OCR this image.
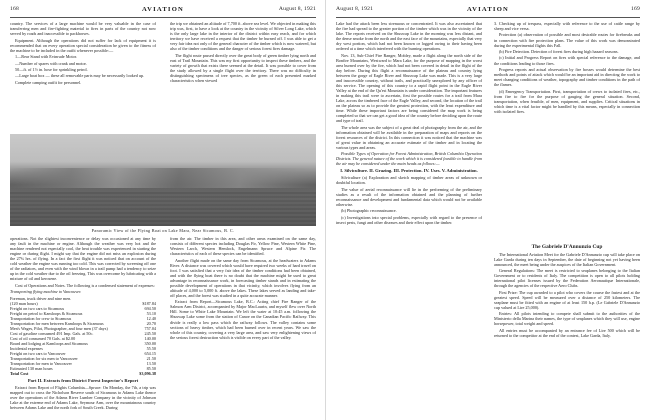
168	AVIATION	August 8, 1921

country. The services of a large machine would be very valuable in the case of transferring men and fire-fighting material to fires in parts of the country not now served by roads and inaccessible to packhorses.

Equipment. Although the operations did not suffer for lack of equipment it is recommended that on every operation special consideration be given to the fitness of the machine to be included in the outfit whenever possible:—

1—Rear Stand with Evinrude Motor.

—Number of spares with crank and motor.

50—ft. of 1½ in. hose for sprinkling petrol.

—Large boat box — these all removable parts may be necessarily looked up.

Complete camping outfit for personnel.

the trip we obtained an altitude of 7,700 ft. above sea level. We objected in making this trip was, first, to have a look at the country in the vicinity of Silver Long Lake, which is the only large lake in the interior of the district within easy reach, and for which territory we have received a request that the timber be burned off. I was able to get a very fair idea not only of the general character of the timber which is now watered, but also of the timber conditions and the danger of serious forest fires damage.

The flight route passed directly over the great body of green timber lying north and east of Trail Mountain. This was my first opportunity to inspect these timbers, and the variety of growth that exists there seemed at the detail. It was possible to cover from the study allowed by a single flight over the territory. There was no difficulty in distinguishing specimens of tree species, as the green of each presented marked characteristics when viewed

Panoramic View of the Flying Boat on Lake Mara, Near Sicamous, B. C.

operations. Not the slightest inconvenience or delay was occasioned at any time by any fault in the machine or engine. Although the weather was very hot and the machine rendered not especially cool, the heat trouble was experienced in starting the engine or during flight. I might say that the engine did not miss an explosion during the 27¾ hrs. of flying. In a fact the first flight it was noticed that on account of the cold weather the engine was running too cold. This was corrected by screening off one of the radiators, and even with the wind blown in a trail pump had a tendency to seize up in the cold weather due to the oil freezing. This was overcome by lubricating with a mixture of oil and kerosene.

Cost of Operations and Notes. The following is a condensed statement of expenses:

Transporting flying machine to Vancouver.

Foreman, truck driver and nine men.
(120 man hours)	$187.84
Freight on two cars to Sicamous	694.50
Freight on petrol to Kamloops & Sicamous	53.10
Transportation for crew to Sicamous	12.40
Transportation for men between Kamloops & Sicamous	20.70
Men's Wages, Pilot, Photographer, and four men (37 days)	757.04
Cost of gasoline consumed 491 Imp. Gals. at 50c.	245.50
Cost of oil consumed 70 Gals. at $2.00	140.00
Board and lodging at Kamloops and Sicamous	350.00
Incidental expenses	55.50
Freight on two cars to Vancouver	654.15
Transportation for six men to Vancouver	21.50
Transportation for men to Vancouver	13.50
Estimated 130 man hours	85.50
Total Cost	$3,096.38

Part II. Extracts from District Forest Inspector's Report

Extract from Report of Flights Columbia—Spruce: On Monday, the 7th, a trip was mapped out to cross the Nicholson Reserve south of Sicamous to Adams Lake thence over the operations of the Adams River Lumber Company in the vicinity of Johnson Lake at the extreme end of Adams Lake, Seymour Arm, over the mountainous country between Adams Lake and the north fork of South Creek. During

from the air. The timber in this area, and other areas examined on the same day, consists of different species including Douglas Fir, Yellow Pine, Western White Pine, Western Larch, Western Hemlock, Engelmann Spruce and Alpine Fir. The characteristics of each of these species can be identified.

Another flight made on the same day from Sicamous, at the headwaters to Adams River. A distance was covered which would have required two weeks of hard travel on foot. I was satisfied that a very fair idea of the timber conditions had been obtained, and with the flying boat there is no doubt that the machine might be used to great advantage in reconnaissance work, in forecasting timber stands and in estimating the possible development of operations in that vicinity, which involves flying from an altitude of 4,000 to 5,000 ft. above the lakes. These lakes served as landing and take-off places, and the forest was studied in a quite accurate manner.

Extract from Report—Sicamous Lake, B.C.: Acting chief Fire Ranger of the Salmon Arm District, accompanied by Major MacLaurin, and myself flew over North Hill. Some to White Lake Mountain. We left the water at 10:45 a.m. following the Shuswap Lake some from the station of Canoe on the Canadian Pacific Railway. This divide is really a low pass which the railway follows. The valley contains some sections of heavy timber, which had been burned over in recent years. We saw the whole of this country, covering a very large area, and saw very enlightening views of the serious forest destruction which is visible on every part of the valley.

August 8, 1921	AVIATION	169

Lake had the attack been less strenuous or concentrated. It was also ascertained that the fire had spread to the greater portion of the timber which was in the vicinity of the lake. The reports received on the Shuswap Lake in the morning was less distant, and the dense smoke from the north and the east face of the mountains, especially that very dry west portion, which had not been known or logged owing to their having been ordered at a time which interfered with the burning operations.

Nov. 13, Sub-Chief Fire Ranger, Mobley, made a flight along the north side of the Bonfire Mountains, Westward to Mara Lake, for the purpose of mapping in the worst area burned over by the fire, which had not been covered in detail in the flight of the day before. During this flight a reconnaissance of the plateau and country lying between the gorge of Eagle River and Shuswap Lake was made. This is a very large and inaccessible country, without trails, and practically unexplored by any officer of this service. The opening of this country to a rapid flight point in the Eagle River Valley at the end of the Qu'est Mountain is under consideration. The important features in making this trail were to ascertain, first the possible routes for a trail from Mara Lake, across the timbered face of the Eagle Valley, and second, the location of the trail on the plateau so as to provide the greatest protection, with the least expenditure and time. While these important factors are being considered the map work is being completed so that we can get a good idea of the country before deciding upon the route and type of trail.

The whole area was the subject of a great deal of photography from the air, and the information obtained will be available in the preparation of maps and reports on the forest resources of the district. In this connection it was noticed that the machine was of great value in obtaining an accurate estimate of the timber and in locating the various types and areas.

Possible Types of Operation for Forest Administration, British Columbia Operation Districts. The general nature of the work which it is considered feasible to handle from the air may be considered under the main heads as follows:—

I. Silviculture. II. Grazing. III. Protection. IV. Uses. V. Administration.

Silviculture (a) Exploration and sketch mapping of timber areas of unknown or doubtful location.

The value of aerial reconnaissance will lie in the performing of the preliminary studies as a result of the information obtained and the planning of further reconnaissance and development and fundamental data which would not be available otherwise.

(b) Photographic reconnaissance.

(c) Investigations into special problems, especially with regard to the presence of insect pests, fungi and other diseases and their effect upon the timber.

3. Checking up of trespass, especially with reference to the use of cattle range by sheep and vice versa.

Protection (a) observation of possible and most desirable routes for firebreaks and in connection with fire protection plans. The value of this work was demonstrated during the experimental flights this Fall.

(b) Fire Detection. Detection of forest fires during high hazard seasons.

(c) Initial and Progress Report on fires with special reference to the damage, and the conditions leading to those fires.

Progress reports and actual observation by fire bosses would determine the best methods and points of attack which would be an important aid in directing the work to meet changing conditions of weather, topography and timber conditions in the path of the flames.

(d) Emergency Transportation. First, transportation of crews to isolated fires, etc., from fire to fire for the purpose of gauging the general situation. Second, transportation, when feasible, of men, equipment, and supplies. Critical situations in which time is a vital factor might be handled by this means, especially in connection with isolated fires.

The Gabriele D'Annunzio Cup

The International Aviation Meet for the Gabriele D'Annunzio cup will take place on Lake Garda during ten days in September, the date of beginning not yet having been announced, the meet being under the auspices of the Italian Government.

General Regulations: The meet is restricted to seaplanes belonging to the Italian Government or to residents of Italy. The competition is open to all pilots holding international pilot licenses issued by the Federation Aeronautique Internationale, through the agencies of the respective Aero Clubs.

First Prize: The cup awarded to a pilot who covers the course the fastest and at the greatest speed. Speed will be measured over a distance of 250 kilometers. The seaplane must be fitted with an engine of at least 150 h.p. (Le Gabriele D'Annunzio cup valued at Lire 25,000).

Entries: All pilots intending to compete shall submit to the authorities of the Ministerio della Marina their names, the type of seaplanes which they will use, engine horsepower, total weight and speed.

All entries must be accompanied by an entrance fee of Lire 500 which will be returned to the competitor at the end of the contest, Lake Garda, Italy.
